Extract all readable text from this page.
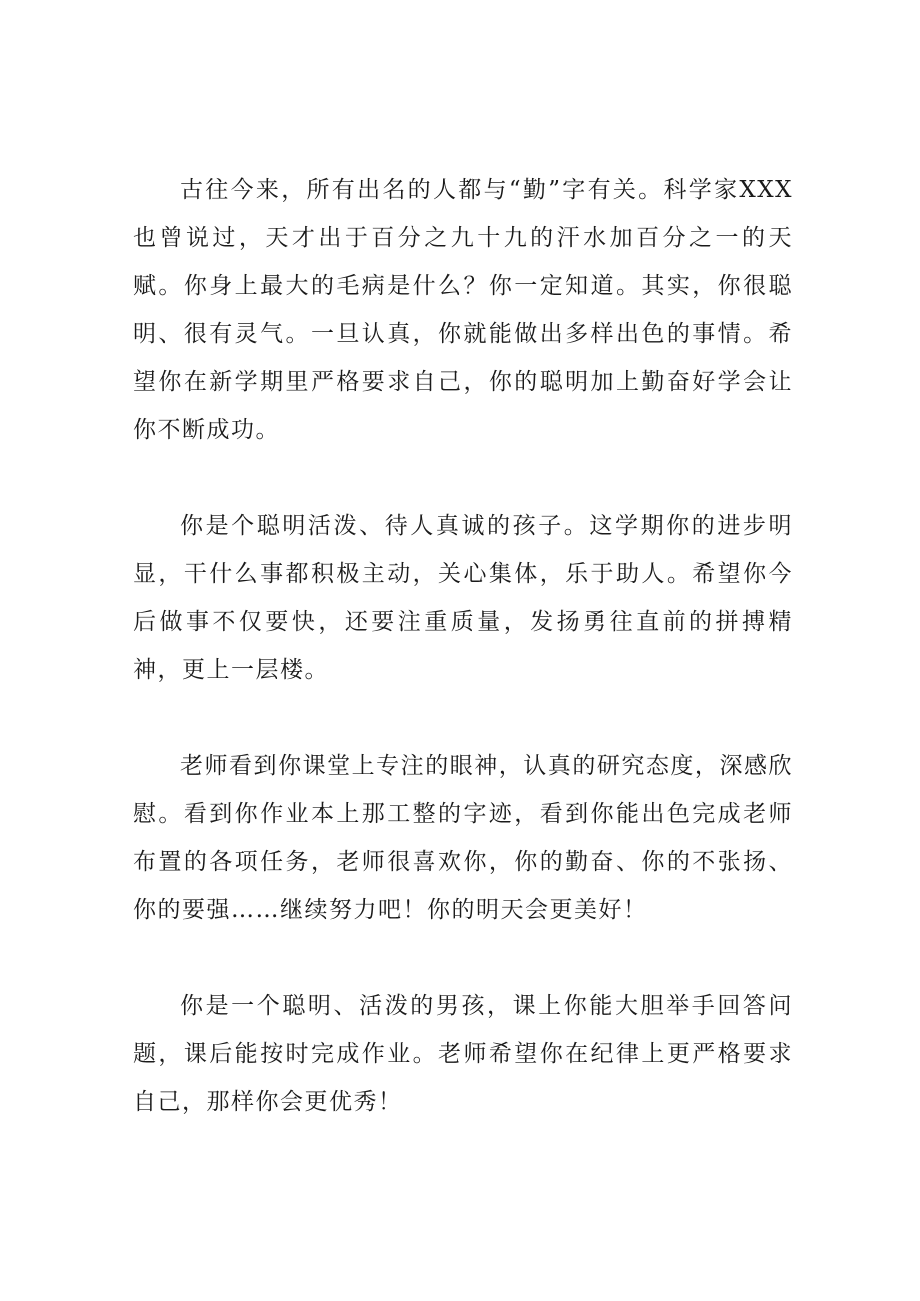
古往今来，所有出名的人都与“勤”字有关。科学家XXX也曾说过，天才出于百分之九十九的汗水加百分之一的天赋。你身上最大的毛病是什么？你一定知道。其实，你很聪明、很有灵气。一旦认真，你就能做出多样出色的事情。希望你在新学期里严格要求自己，你的聪明加上勤奋好学会让你不断成功。

你是个聪明活泼、待人真诚的孩子。这学期你的进步明显，干什么事都积极主动，关心集体，乐于助人。希望你今后做事不仅要快，还要注重质量，发扬勇往直前的拼搏精神，更上一层楼。

老师看到你课堂上专注的眼神，认真的研究态度，深感欣慰。看到你作业本上那工整的字迹，看到你能出色完成老师布置的各项任务，老师很喜欢你，你的勤奋、你的不张扬、你的要强……继续努力吧！你的明天会更美好！

你是一个聪明、活泼的男孩，课上你能大胆举手回答问题，课后能按时完成作业。老师希望你在纪律上更严格要求自己，那样你会更优秀！
